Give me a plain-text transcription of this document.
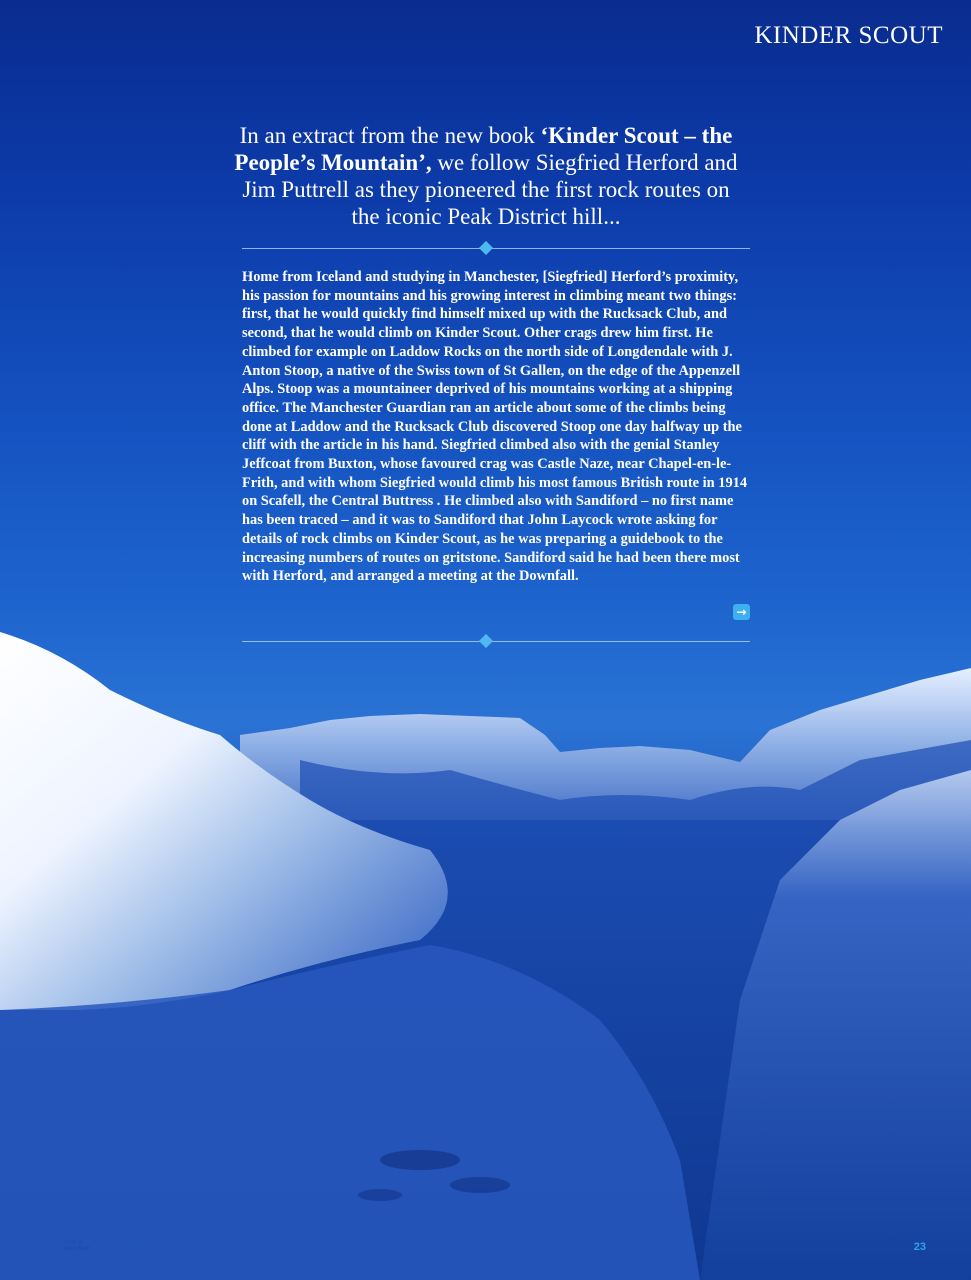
KINDER SCOUT
In an extract from the new book ‘Kinder Scout – the People’s Mountain’, we follow Siegfried Herford and Jim Puttrell as they pioneered the first rock routes on the iconic Peak District hill...

Home from Iceland and studying in Manchester, [Siegfried] Herford’s proximity, his passion for mountains and his growing interest in climbing meant two things: first, that he would quickly find himself mixed up with the Rucksack Club, and second, that he would climb on Kinder Scout. Other crags drew him first. He climbed for example on Laddow Rocks on the north side of Longdendale with J. Anton Stoop, a native of the Swiss town of St Gallen, on the edge of the Appenzell Alps. Stoop was a mountaineer deprived of his mountains working at a shipping office. The Manchester Guardian ran an article about some of the climbs being done at Laddow and the Rucksack Club discovered Stoop one day halfway up the cliff with the article in his hand. Siegfried climbed also with the genial Stanley Jeffcoat from Buxton, whose favoured crag was Castle Naze, near Chapel-en-le-Frith, and with whom Siegfried would climb his most famous British route in 1914 on Scafell, the Central Buttress . He climbed also with Sandiford – no first name has been traced – and it was to Sandiford that John Laycock wrote asking for details of rock climbs on Kinder Scout, as he was preparing a guidebook to the increasing numbers of routes on gritstone. Sandiford said he had been there most with Herford, and arranged a meeting at the Downfall.

→
Trek &
Mountain
JULY/AUGUST 2018	23
